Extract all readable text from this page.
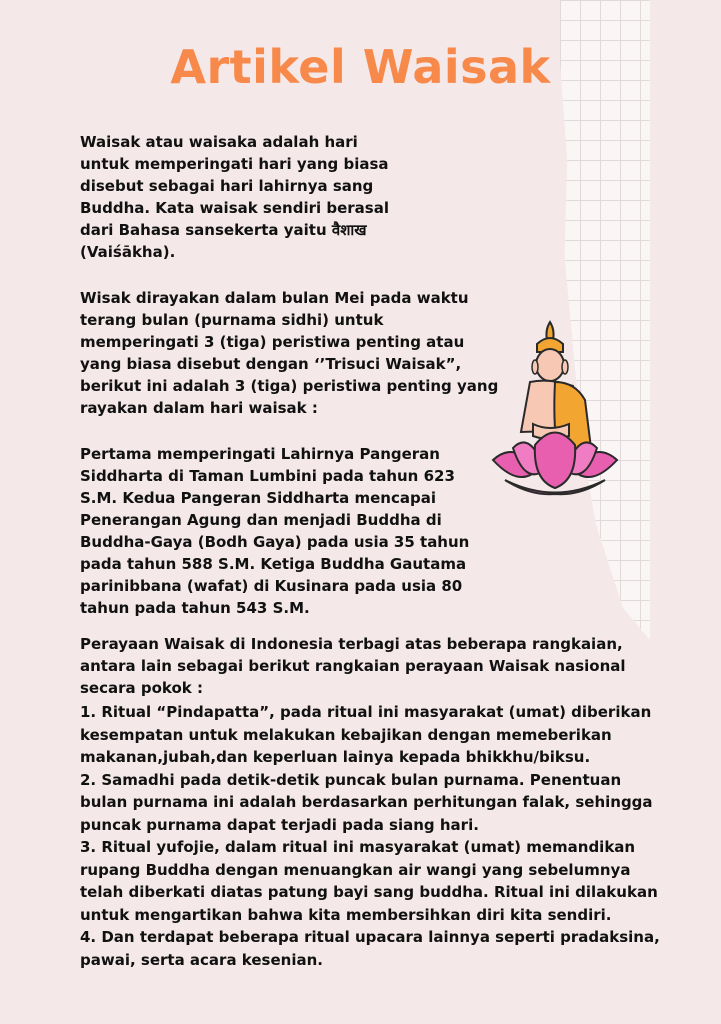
Artikel Waisak

Waisak atau waisaka adalah hari untuk memperingati hari yang biasa disebut sebagai hari lahirnya sang Buddha. Kata waisak sendiri berasal dari Bahasa sansekerta yaitu वैशाख (Vaiśākha).

Wisak dirayakan dalam bulan Mei pada waktu terang bulan (purnama sidhi) untuk memperingati 3 (tiga) peristiwa penting atau yang biasa disebut dengan ‘’Trisuci Waisak”, berikut ini adalah 3 (tiga) peristiwa penting yang rayakan dalam hari waisak :

Pertama memperingati Lahirnya Pangeran Siddharta di Taman Lumbini pada tahun 623 S.M. Kedua Pangeran Siddharta mencapai Penerangan Agung dan menjadi Buddha di Buddha-Gaya (Bodh Gaya) pada usia 35 tahun pada tahun 588 S.M. Ketiga Buddha Gautama parinibbana (wafat) di Kusinara pada usia 80 tahun pada tahun 543 S.M.

Perayaan Waisak di Indonesia terbagi atas beberapa rangkaian, antara lain sebagai berikut rangkaian perayaan Waisak nasional secara pokok :

1. Ritual “Pindapatta”, pada ritual ini masyarakat (umat) diberikan kesempatan untuk melakukan kebajikan dengan memeberikan makanan,jubah,dan keperluan lainya kepada bhikkhu/biksu.
2. Samadhi pada detik-detik puncak bulan purnama. Penentuan bulan purnama ini adalah berdasarkan perhitungan falak, sehingga puncak purnama dapat terjadi pada siang hari.
3. Ritual yufojie, dalam ritual ini masyarakat (umat) memandikan rupang Buddha dengan menuangkan air wangi yang sebelumnya telah diberkati diatas patung bayi sang buddha. Ritual ini dilakukan untuk mengartikan bahwa kita membersihkan diri kita sendiri.
4. Dan terdapat beberapa ritual upacara lainnya seperti pradaksina, pawai, serta acara kesenian.
